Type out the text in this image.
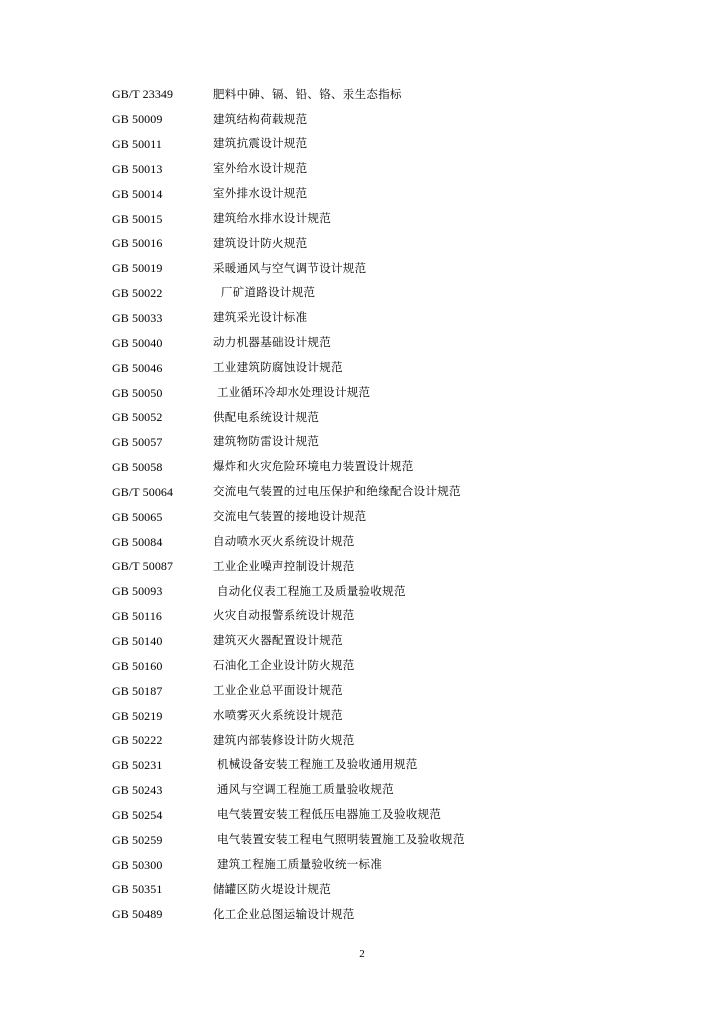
GB/T 23349	肥料中砷、镉、铅、铬、汞生态指标
GB 50009	建筑结构荷载规范
GB 50011	建筑抗震设计规范
GB 50013	室外给水设计规范
GB 50014	室外排水设计规范
GB 50015	建筑给水排水设计规范
GB 50016	建筑设计防火规范
GB 50019	采暖通风与空气调节设计规范
GB 50022	厂矿道路设计规范
GB 50033	建筑采光设计标准
GB 50040	动力机器基础设计规范
GB 50046	工业建筑防腐蚀设计规范
GB 50050	工业循环冷却水处理设计规范
GB 50052	供配电系统设计规范
GB 50057	建筑物防雷设计规范
GB 50058	爆炸和火灾危险环境电力装置设计规范
GB/T 50064	交流电气装置的过电压保护和绝缘配合设计规范
GB 50065	交流电气装置的接地设计规范
GB 50084	自动喷水灭火系统设计规范
GB/T 50087	工业企业噪声控制设计规范
GB 50093	自动化仪表工程施工及质量验收规范
GB 50116	火灾自动报警系统设计规范
GB 50140	建筑灭火器配置设计规范
GB 50160	石油化工企业设计防火规范
GB 50187	工业企业总平面设计规范
GB 50219	水喷雾灭火系统设计规范
GB 50222	建筑内部装修设计防火规范
GB 50231	机械设备安装工程施工及验收通用规范
GB 50243	通风与空调工程施工质量验收规范
GB 50254	电气装置安装工程低压电器施工及验收规范
GB 50259	电气装置安装工程电气照明装置施工及验收规范
GB 50300	建筑工程施工质量验收统一标准
GB 50351	储罐区防火堤设计规范
GB 50489	化工企业总图运输设计规范
2
